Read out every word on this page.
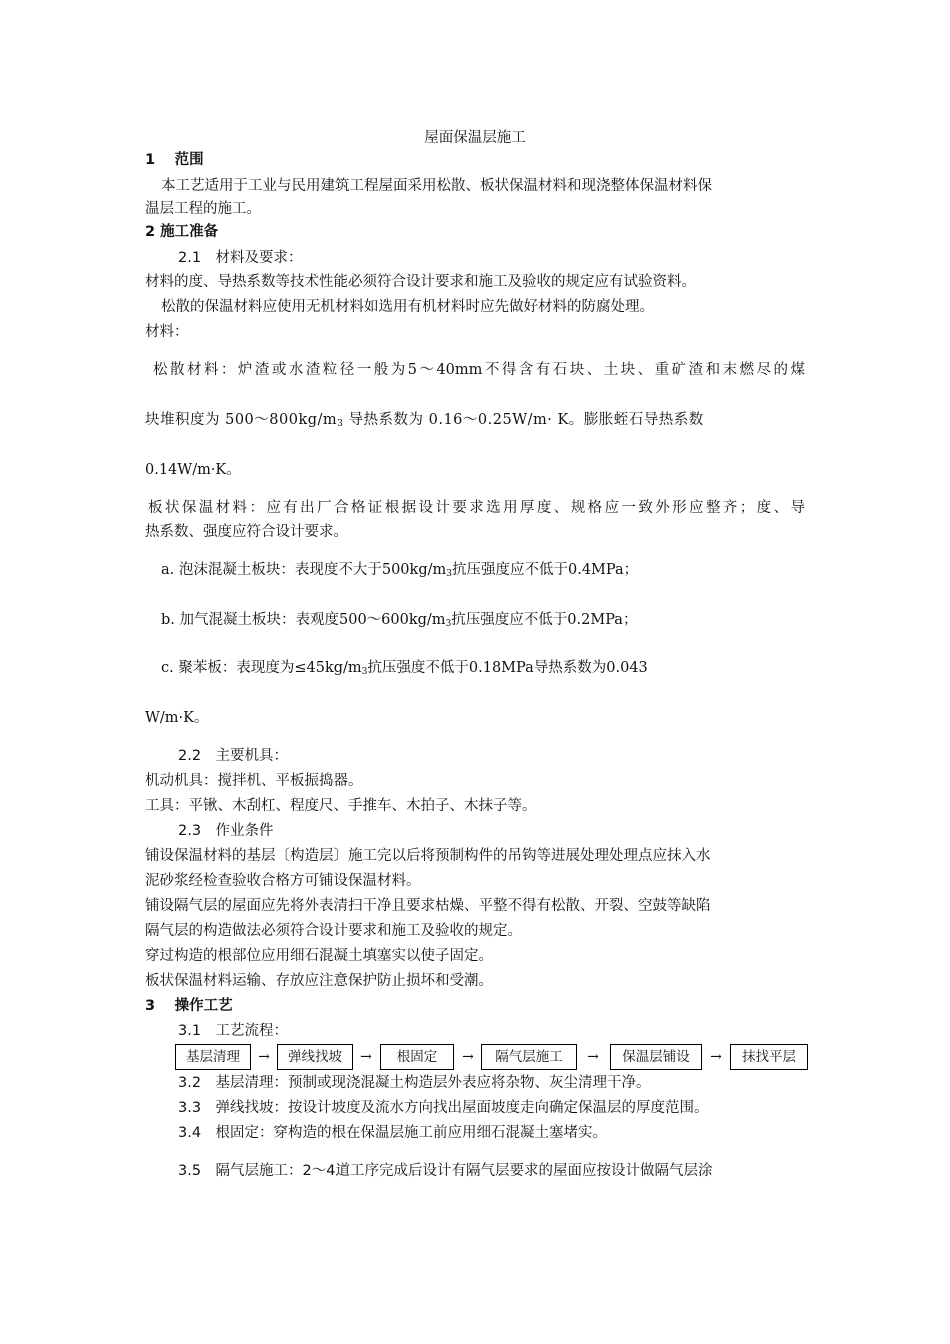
屋面保温层施工
1　 范围
本工艺适用于工业与民用建筑工程屋面采用松散、板状保温材料和现浇整体保温材料保
温层工程的施工。
2 施工准备
2.1　材料及要求：
材料的度、导热系数等技术性能必须符合设计要求和施工及验收的规定应有试验资料。
松散的保温材料应使用无机材料如选用有机材料时应先做好材料的防腐处理。
材料：
松散材料：炉渣或水渣粒径一般为5～40mm不得含有石块、土块、重矿渣和末燃尽的煤
块堆积度为 $500\sim 800kg/m_3$ 导热系数为 0.16～0.25W/m· K。膨胀蛭石导热系数
0.14W/m·K。
板状保温材料：应有出厂合格证根据设计要求选用厚度、规格应一致外形应整齐；度、导
热系数、强度应符合设计要求。
a. 泡沫混凝土板块：表现度不大于$500kg/m_3$抗压强度应不低于0.4MPa；
b. 加气混凝土板块：表观度$500\sim 600kg/m_3$抗压强度应不低于0.2MPa；
c. 聚苯板：表现度为$\le 45kg/m_3$抗压强度不低于0.18MPa导热系数为0.043
W/m·K。
2.2　主要机具：
机动机具：搅拌机、平板振捣器。
工具：平锹、木刮杠、程度尺、手推车、木拍子、木抹子等。
2.3　作业条件
铺设保温材料的基层〔构造层〕施工完以后将预制构件的吊钩等进展处理处理点应抹入水
泥砂浆经检查验收合格方可铺设保温材料。
铺设隔气层的屋面应先将外表清扫干净且要求枯燥、平整不得有松散、开裂、空鼓等缺陷
隔气层的构造做法必须符合设计要求和施工及验收的规定。
穿过构造的根部位应用细石混凝土填塞实以使子固定。
板状保温材料运输、存放应注意保护防止损坏和受潮。
3　 操作工艺
3.1　工艺流程：
基层清理	→	弹线找坡	→	根固定	→	隔气层施工	→	保温层铺设	→	抹找平层
3.2　基层清理：预制或现浇混凝土构造层外表应将杂物、灰尘清理干净。
3.3　弹线找坡：按设计坡度及流水方向找出屋面坡度走向确定保温层的厚度范围。
3.4　根固定：穿构造的根在保温层施工前应用细石混凝土塞堵实。
3.5　隔气层施工：2～4道工序完成后设计有隔气层要求的屋面应按设计做隔气层涂
